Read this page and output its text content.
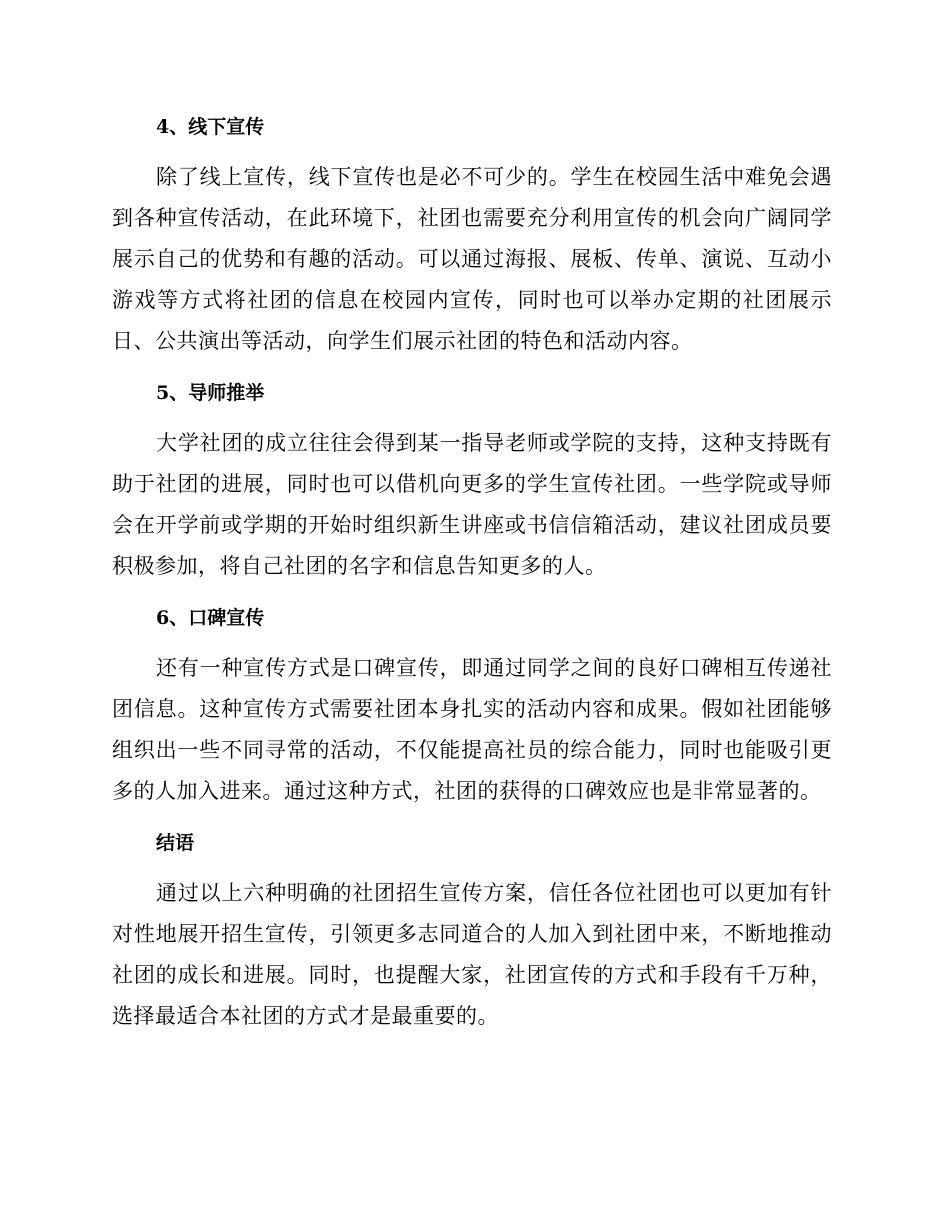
4、线下宣传

除了线上宣传，线下宣传也是必不可少的。学生在校园生活中难免会遇到各种宣传活动，在此环境下，社团也需要充分利用宣传的机会向广阔同学展示自己的优势和有趣的活动。可以通过海报、展板、传单、演说、互动小游戏等方式将社团的信息在校园内宣传，同时也可以举办定期的社团展示日、公共演出等活动，向学生们展示社团的特色和活动内容。

5、导师推举

大学社团的成立往往会得到某一指导老师或学院的支持，这种支持既有助于社团的进展，同时也可以借机向更多的学生宣传社团。一些学院或导师会在开学前或学期的开始时组织新生讲座或书信信箱活动，建议社团成员要积极参加，将自己社团的名字和信息告知更多的人。

6、口碑宣传

还有一种宣传方式是口碑宣传，即通过同学之间的良好口碑相互传递社团信息。这种宣传方式需要社团本身扎实的活动内容和成果。假如社团能够组织出一些不同寻常的活动，不仅能提高社员的综合能力，同时也能吸引更多的人加入进来。通过这种方式，社团的获得的口碑效应也是非常显著的。

结语

通过以上六种明确的社团招生宣传方案，信任各位社团也可以更加有针对性地展开招生宣传，引领更多志同道合的人加入到社团中来，不断地推动社团的成长和进展。同时，也提醒大家，社团宣传的方式和手段有千万种，选择最适合本社团的方式才是最重要的。
